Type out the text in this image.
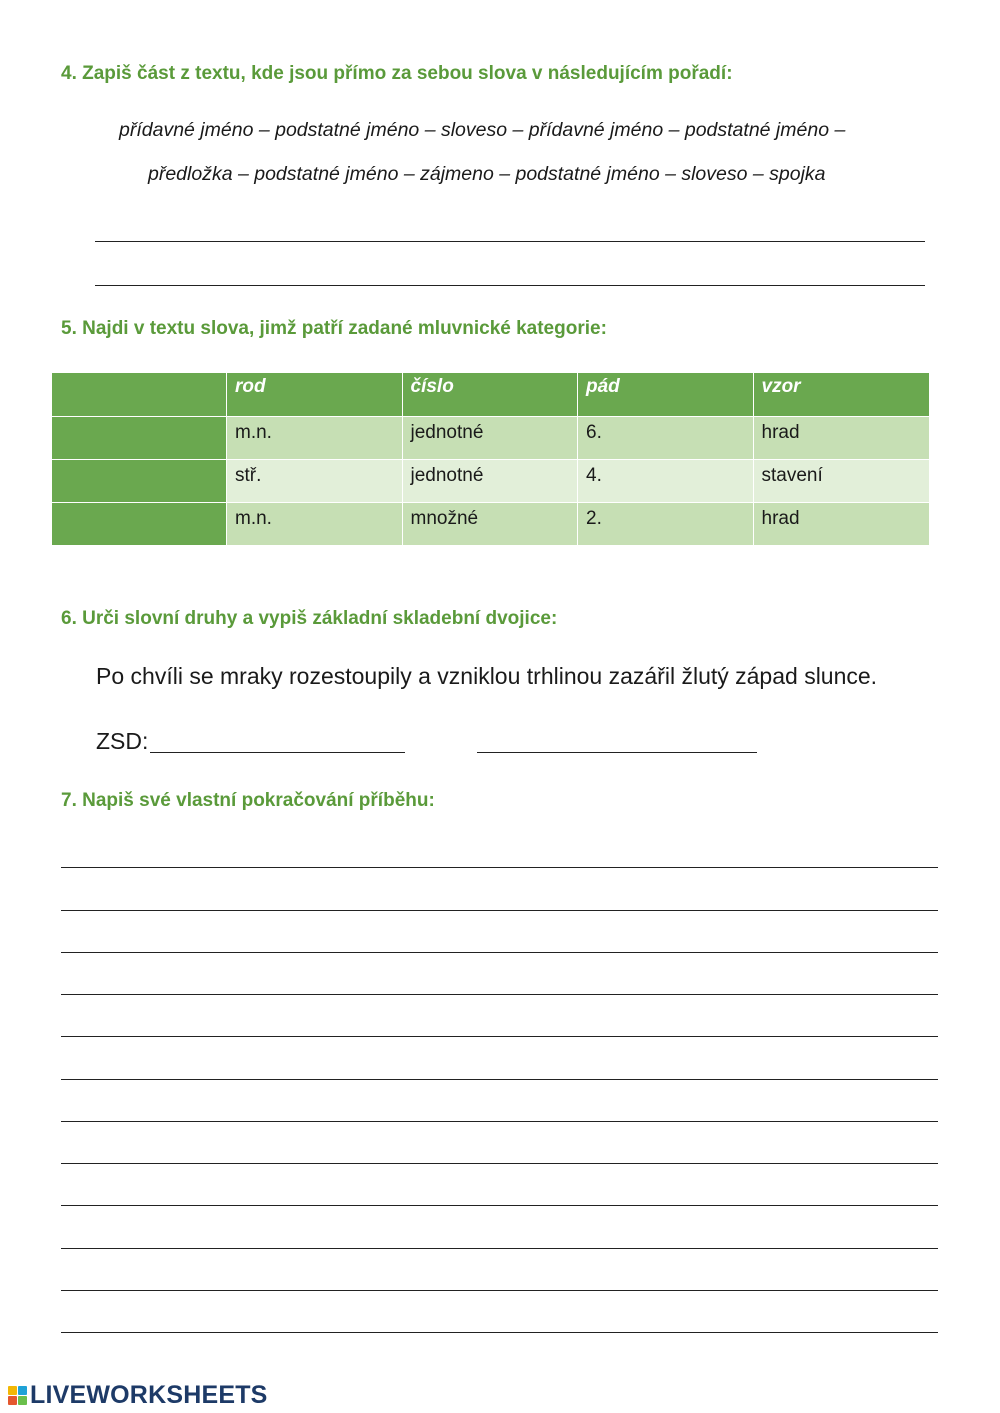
4. Zapiš část z textu, kde jsou přímo za sebou slova v následujícím pořadí:

přídavné jméno – podstatné jméno – sloveso – přídavné jméno – podstatné jméno –

předložka – podstatné jméno – zájmeno – podstatné jméno – sloveso – spojka

5. Najdi v textu slova, jimž patří zadané mluvnické kategorie:
	rod	číslo	pád	vzor
	m.n.	jednotné	6.	hrad
	stř.	jednotné	4.	stavení
	m.n.	množné	2.	hrad
6. Urči slovní druhy a vypiš základní skladební dvojice:

Po chvíli se mraky rozestoupily a vzniklou trhlinou zazářil žlutý západ slunce.

ZSD:

7. Napiš své vlastní pokračování příběhu:
LIVEWORKSHEETS
